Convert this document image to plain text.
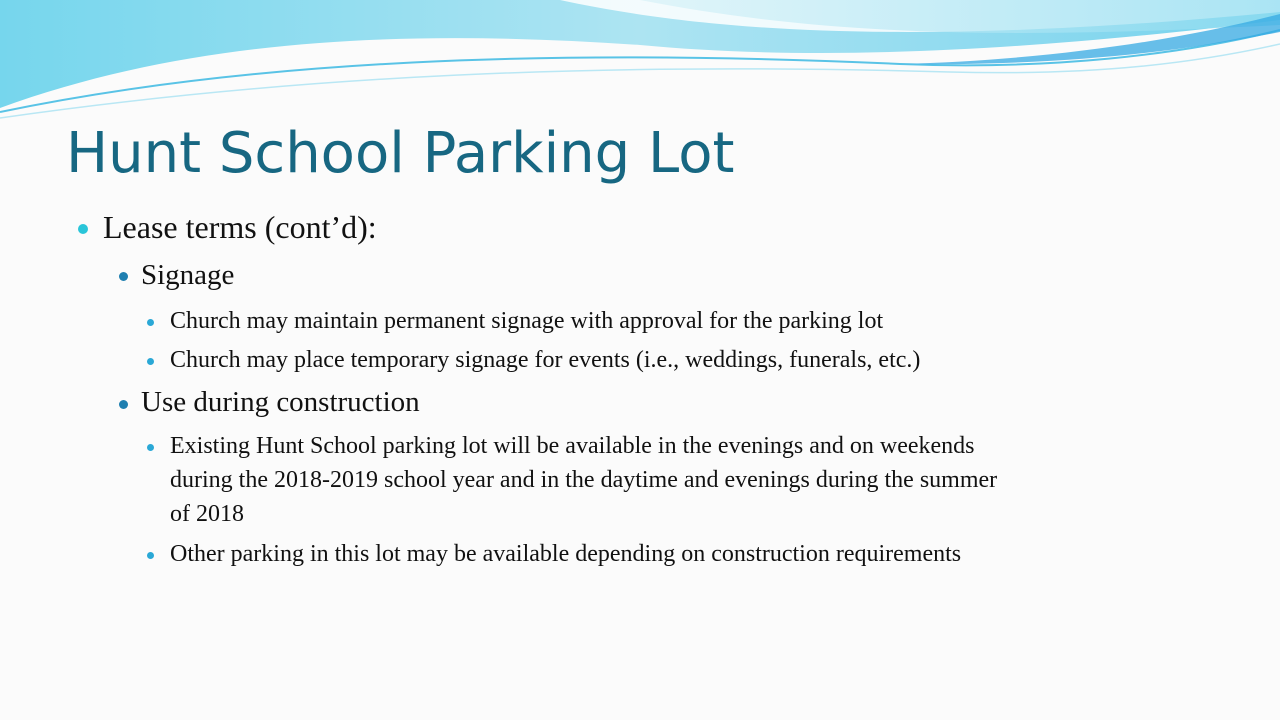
Hunt School Parking Lot
Lease terms (cont’d):
Signage
Church may maintain permanent signage with approval for the parking lot
Church may place temporary signage for events (i.e., weddings, funerals, etc.)
Use during construction
Existing Hunt School parking lot will be available in the evenings and on weekends
during the 2018-2019 school year and in the daytime and evenings during the summer
of 2018
Other parking in this lot may be available depending on construction requirements
